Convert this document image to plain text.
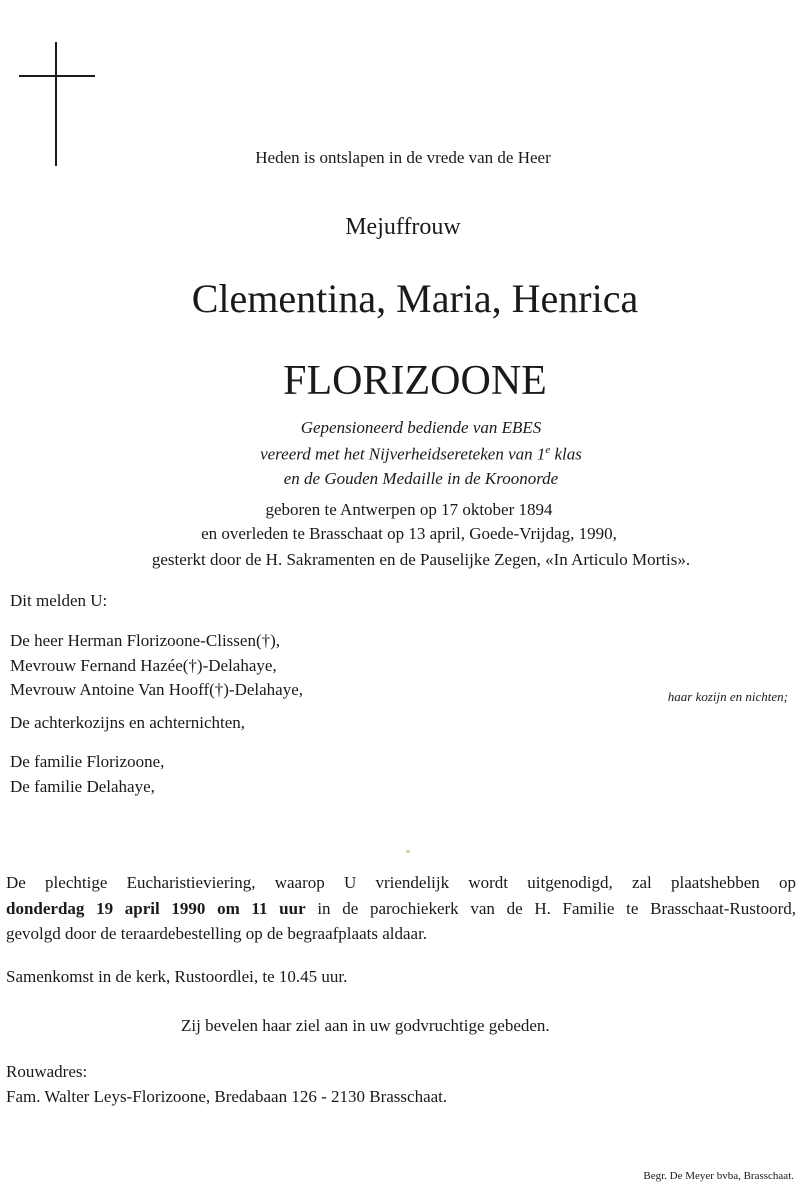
Heden is ontslapen in de vrede van de Heer
Mejuffrouw
Clementina, Maria, Henrica
FLORIZOONE
Gepensioneerd bediende van EBES
vereerd met het Nijverheidsereteken van 1e klas
en de Gouden Medaille in de Kroonorde
geboren te Antwerpen op 17 oktober 1894
en overleden te Brasschaat op 13 april, Goede-Vrijdag, 1990,
gesterkt door de H. Sakramenten en de Pauselijke Zegen, «In Articulo Mortis».
Dit melden U:
De heer Herman Florizoone-Clissen(†),
Mevrouw Fernand Hazée(†)-Delahaye,
Mevrouw Antoine Van Hooff(†)-Delahaye,	haar kozijn en nichten;
De achterkozijns en achternichten,
De familie Florizoone,
De familie Delahaye,
De plechtige Eucharistieviering, waarop U vriendelijk wordt uitgenodigd, zal plaatshebben op
donderdag 19 april 1990 om 11 uur in de parochiekerk van de H. Familie te Brasschaat-Rustoord,
gevolgd door de teraardebestelling op de begraafplaats aldaar.
Samenkomst in de kerk, Rustoordlei, te 10.45 uur.
Zij bevelen haar ziel aan in uw godvruchtige gebeden.
Rouwadres:
Fam. Walter Leys-Florizoone, Bredabaan 126 - 2130 Brasschaat.
Begr. De Meyer bvba, Brasschaat.
